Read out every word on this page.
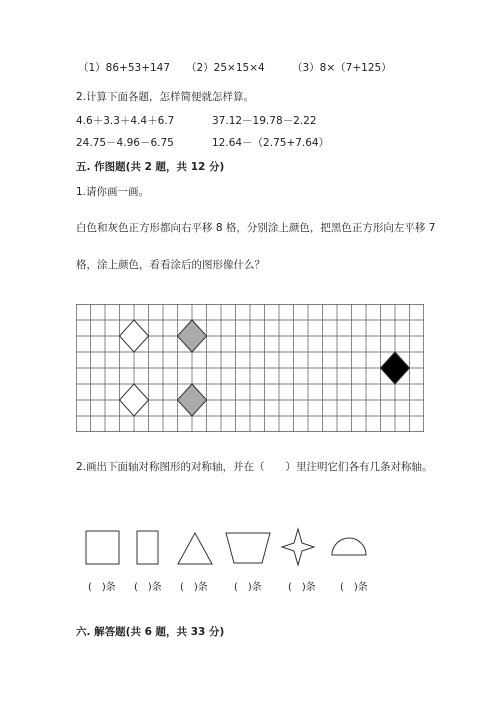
（1）86+53+147 （2）25×15×4	（3）8×（7+125）
2.计算下面各题，怎样简便就怎样算。
4.6＋3.3＋4.4＋6.7	37.12－19.78－2.22
24.75－4.96－6.75	12.64－（2.75+7.64）
五. 作图题(共 2 题，共 12 分)
1.请你画一画。
白色和灰色正方形都向右平移 8 格，分别涂上颜色，把黑色正方形向左平移 7
格，涂上颜色，看看涂后的图形像什么？
2.画出下面轴对称图形的对称轴，并在（　　）里注明它们各有几条对称轴。
(　)条 (　)条 (　)条	(　)条	(　)条 (　)条
六. 解答题(共 6 题，共 33 分)
